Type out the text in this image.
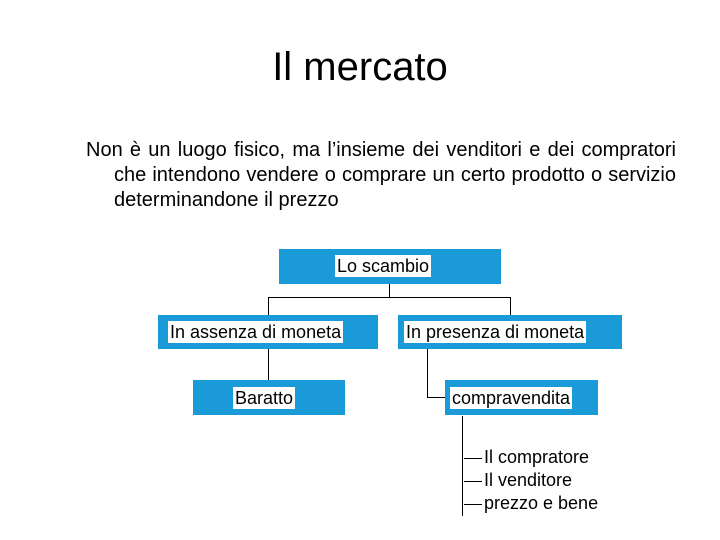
Il mercato
Non è un luogo fisico, ma l’insieme dei venditori e dei compratori che intendono vendere o comprare un certo prodotto o servizio determinandone il prezzo
Lo scambio
In assenza di moneta	In presenza di moneta
Baratto	compravendita
Il compratore
Il venditore
prezzo e bene
